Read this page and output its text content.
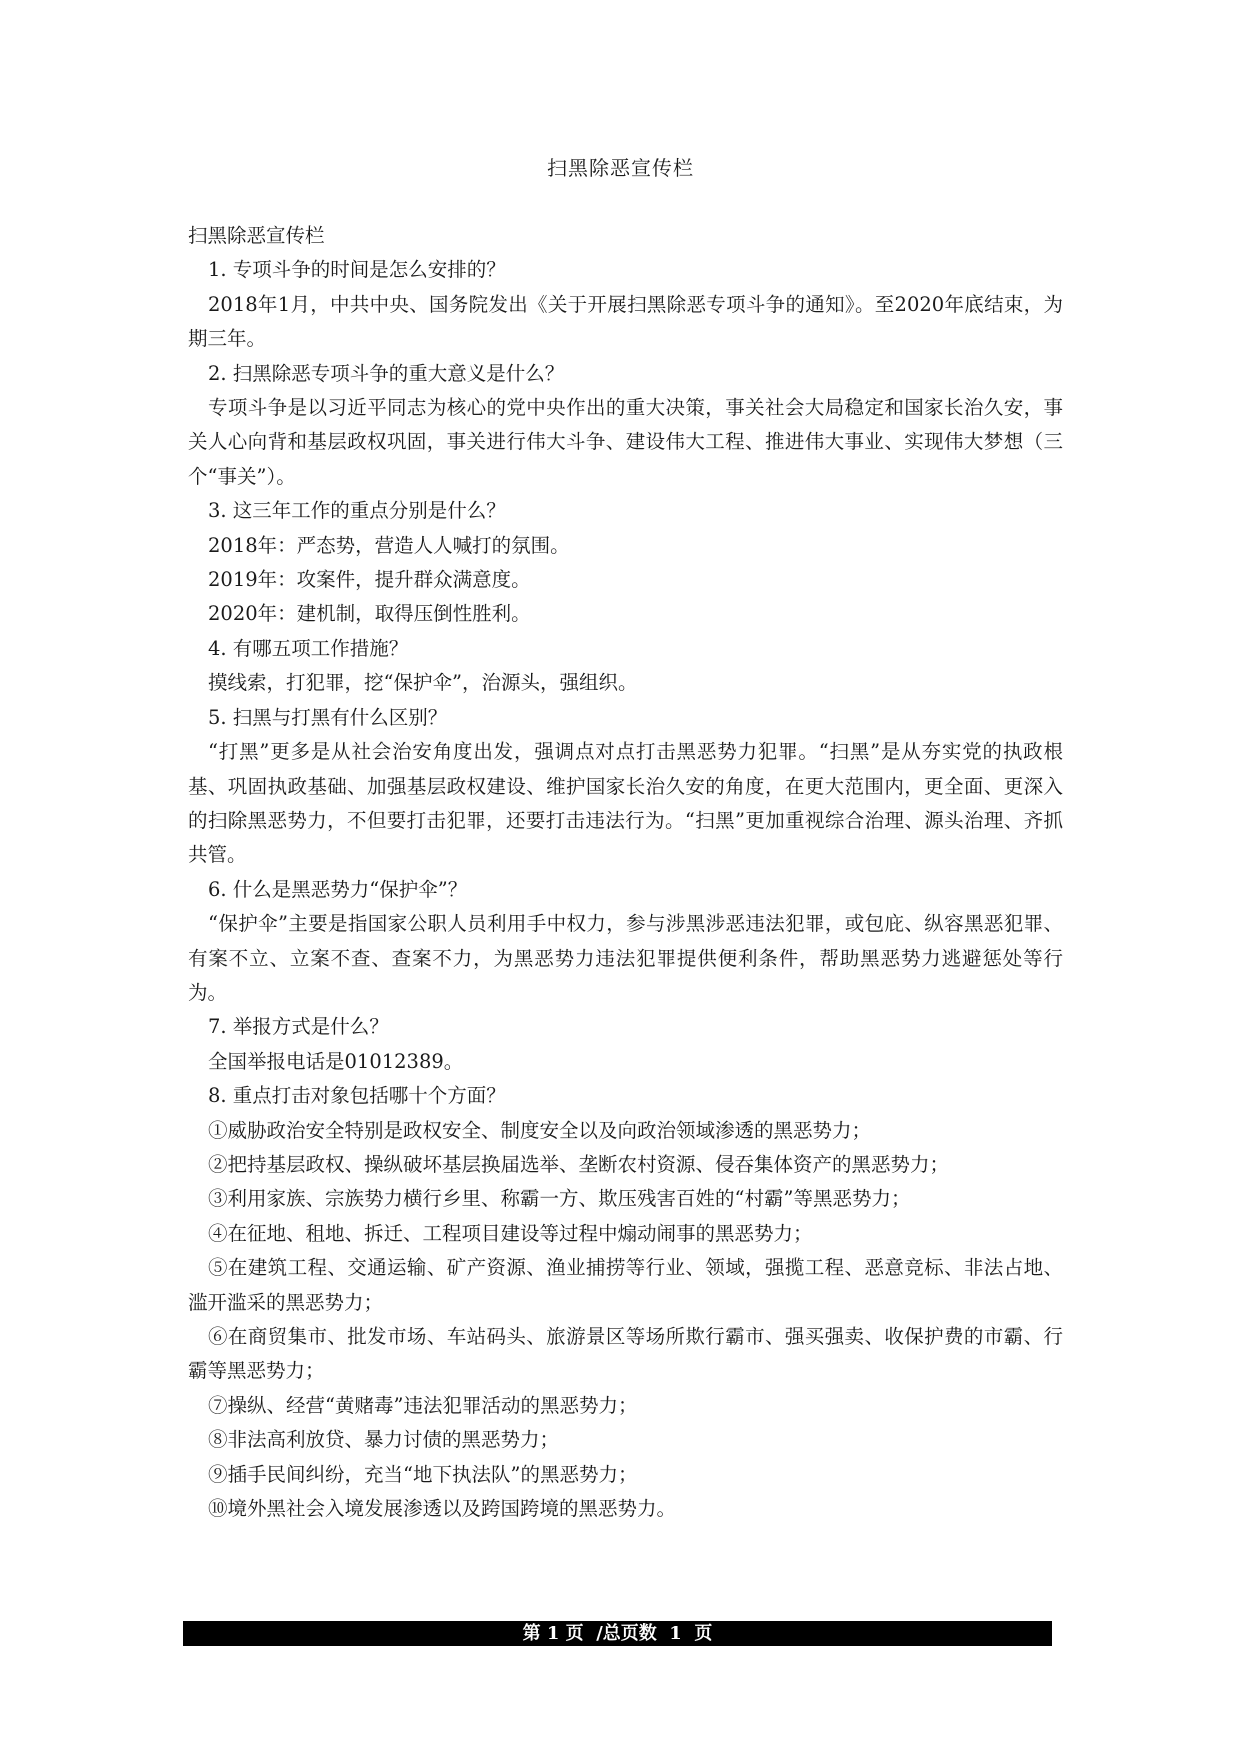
扫黑除恶宣传栏

扫黑除恶宣传栏

1. 专项斗争的时间是怎么安排的？

2018年1月，中共中央、国务院发出《关于开展扫黑除恶专项斗争的通知》。至2020年底结束，为期三年。

2. 扫黑除恶专项斗争的重大意义是什么？

专项斗争是以习近平同志为核心的党中央作出的重大决策，事关社会大局稳定和国家长治久安，事关人心向背和基层政权巩固，事关进行伟大斗争、建设伟大工程、推进伟大事业、实现伟大梦想（三个“事关”）。

3. 这三年工作的重点分别是什么？

2018年：严态势，营造人人喊打的氛围。

2019年：攻案件，提升群众满意度。

2020年：建机制，取得压倒性胜利。

4. 有哪五项工作措施？

摸线索，打犯罪，挖“保护伞”，治源头，强组织。

5. 扫黑与打黑有什么区别？

“打黑”更多是从社会治安角度出发，强调点对点打击黑恶势力犯罪。“扫黑”是从夯实党的执政根基、巩固执政基础、加强基层政权建设、维护国家长治久安的角度，在更大范围内，更全面、更深入的扫除黑恶势力，不但要打击犯罪，还要打击违法行为。“扫黑”更加重视综合治理、源头治理、齐抓共管。

6. 什么是黑恶势力“保护伞”？

“保护伞”主要是指国家公职人员利用手中权力，参与涉黑涉恶违法犯罪，或包庇、纵容黑恶犯罪、有案不立、立案不查、查案不力，为黑恶势力违法犯罪提供便利条件，帮助黑恶势力逃避惩处等行为。

7. 举报方式是什么？

全国举报电话是01012389。

8. 重点打击对象包括哪十个方面？

①威胁政治安全特别是政权安全、制度安全以及向政治领域渗透的黑恶势力；

②把持基层政权、操纵破坏基层换届选举、垄断农村资源、侵吞集体资产的黑恶势力；

③利用家族、宗族势力横行乡里、称霸一方、欺压残害百姓的“村霸”等黑恶势力；

④在征地、租地、拆迁、工程项目建设等过程中煽动闹事的黑恶势力；

⑤在建筑工程、交通运输、矿产资源、渔业捕捞等行业、领域，强揽工程、恶意竞标、非法占地、滥开滥采的黑恶势力；

⑥在商贸集市、批发市场、车站码头、旅游景区等场所欺行霸市、强买强卖、收保护费的市霸、行霸等黑恶势力；

⑦操纵、经营“黄赌毒”违法犯罪活动的黑恶势力；

⑧非法高利放贷、暴力讨债的黑恶势力；

⑨插手民间纠纷，充当“地下执法队”的黑恶势力；

⑩境外黑社会入境发展渗透以及跨国跨境的黑恶势力。

第 1 页  /总页数  1  页
